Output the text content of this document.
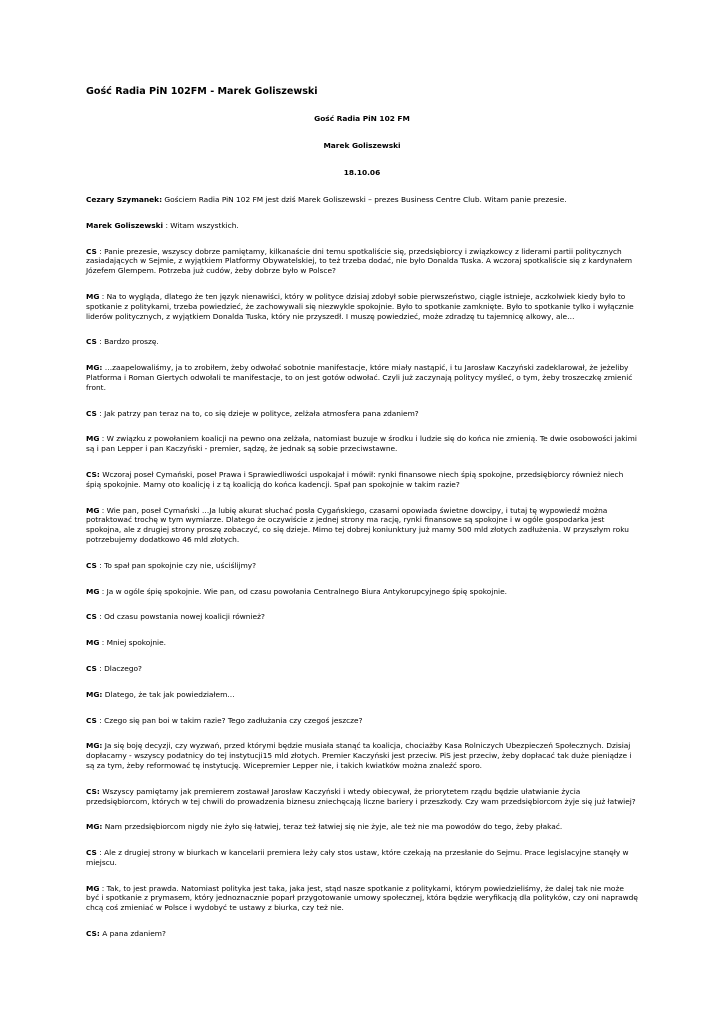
Gość Radia PiN 102FM - Marek Goliszewski
Gość Radia PiN 102 FM
Marek Goliszewski
18.10.06
Cezary Szymanek: Gościem Radia PiN 102 FM jest dziś Marek Goliszewski – prezes Business Centre Club. Witam panie prezesie.
Marek Goliszewski : Witam wszystkich.
CS : Panie prezesie, wszyscy dobrze pamiętamy, kilkanaście dni temu spotkaliście się, przedsiębiorcy i związkowcy z liderami partii politycznych zasiadających w Sejmie, z wyjątkiem Platformy Obywatelskiej, to też trzeba dodać, nie było Donalda Tuska. A wczoraj spotkaliście się z kardynałem Józefem Glempem. Potrzeba już cudów, żeby dobrze było w Polsce?
MG : Na to wygląda, dlatego że ten język nienawiści, który w polityce dzisiaj zdobył sobie pierwszeństwo, ciągle istnieje, aczkolwiek kiedy było to spotkanie z politykami, trzeba powiedzieć, że zachowywali się niezwykle spokojnie. Było to spotkanie zamknięte. Było to spotkanie tylko i wyłącznie liderów politycznych, z wyjątkiem Donalda Tuska, który nie przyszedł. I muszę powiedzieć, może zdradzę tu tajemnicę alkowy, ale…
CS : Bardzo proszę.
MG: …zaapelowaliśmy, ja to zrobiłem, żeby odwołać sobotnie manifestacje, które miały nastąpić, i tu Jarosław Kaczyński zadeklarował, że jeżeliby Platforma i Roman Giertych odwołali te manifestacje, to on jest gotów odwołać. Czyli już zaczynają politycy myśleć, o tym, żeby troszeczkę zmienić front.
CS : Jak patrzy pan teraz na to, co się dzieje w polityce, zelżała atmosfera pana zdaniem?
MG : W związku z powołaniem koalicji na pewno ona zelżała, natomiast buzuje w środku i ludzie się do końca nie zmienią. Te dwie osobowości jakimi są i pan Lepper i pan Kaczyński - premier, sądzę, że jednak są sobie przeciwstawne.
CS: Wczoraj poseł Cymański, poseł Prawa i Sprawiedliwości uspokajał i mówił: rynki finansowe niech śpią spokojne, przedsiębiorcy również niech śpią spokojnie. Mamy oto koalicję i z tą koalicją do końca kadencji. Spał pan spokojnie w takim razie?
MG : Wie pan, poseł Cymański …Ja lubię akurat słuchać posła Cygańskiego, czasami opowiada świetne dowcipy, i tutaj tę wypowiedź można potraktować trochę w tym wymiarze. Dlatego że oczywiście z jednej strony ma rację, rynki finansowe są spokojne i w ogóle gospodarka jest spokojna, ale z drugiej strony proszę zobaczyć, co się dzieje. Mimo tej dobrej koniunktury już mamy 500 mld złotych zadłużenia. W przyszłym roku potrzebujemy dodatkowo 46 mld złotych.
CS : To spał pan spokojnie czy nie, uściślijmy?
MG : Ja w ogóle śpię spokojnie. Wie pan, od czasu powołania Centralnego Biura Antykorupcyjnego śpię spokojnie.
CS : Od czasu powstania nowej koalicji również?
MG : Mniej spokojnie.
CS : Dlaczego?
MG: Dlatego, że tak jak powiedziałem…
CS : Czego się pan boi w takim razie? Tego zadłużania czy czegoś jeszcze?
MG: Ja się boję decyzji, czy wyzwań, przed którymi będzie musiała stanąć ta koalicja, chociażby Kasa Rolniczych Ubezpieczeń Społecznych. Dzisiaj dopłacamy - wszyscy podatnicy do tej instytucji15 mld złotych. Premier Kaczyński jest przeciw. PiS jest przeciw, żeby dopłacać tak duże pieniądze i są za tym, żeby reformować tę instytucję. Wicepremier Lepper nie, i takich kwiatków można znaleźć sporo.
CS: Wszyscy pamiętamy jak premierem zostawał Jarosław Kaczyński i wtedy obiecywał, że priorytetem rządu będzie ułatwianie życia przedsiębiorcom, których w tej chwili do prowadzenia biznesu zniechęcają liczne bariery i przeszkody. Czy wam przedsiębiorcom żyje się już łatwiej?
MG: Nam przedsiębiorcom nigdy nie żyło się łatwiej, teraz też łatwiej się nie żyje, ale też nie ma powodów do tego, żeby płakać.
CS : Ale z drugiej strony w biurkach w kancelarii premiera leży cały stos ustaw, które czekają na przesłanie do Sejmu. Prace legislacyjne stanęły w miejscu.
MG : Tak, to jest prawda. Natomiast polityka jest taka, jaka jest, stąd nasze spotkanie z politykami, którym powiedzieliśmy, że dalej tak nie może być i spotkanie z prymasem, który jednoznacznie poparł przygotowanie umowy społecznej, która będzie weryfikacją dla polityków, czy oni naprawdę chcą coś zmieniać w Polsce i wydobyć te ustawy z biurka, czy też nie.
CS: A pana zdaniem?
